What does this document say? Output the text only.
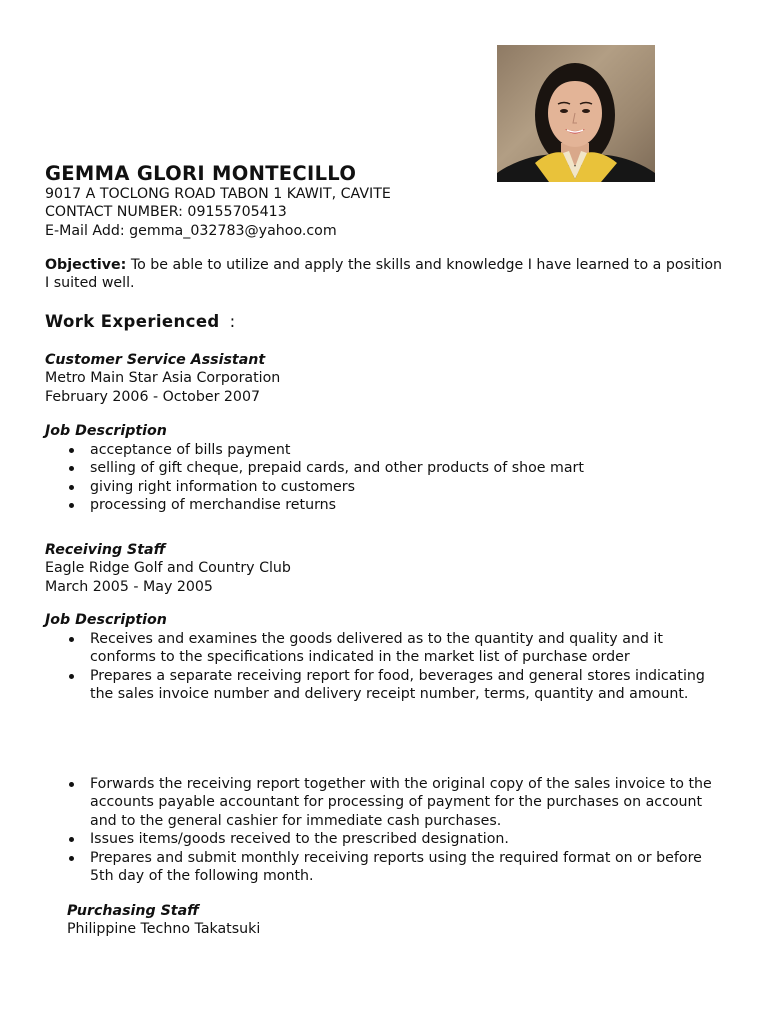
GEMMA GLORI MONTECILLO
9017 A TOCLONG ROAD TABON 1 KAWIT, CAVITE
CONTACT NUMBER: 09155705413
E-Mail Add: gemma_032783@yahoo.com
Objective: To be able to utilize and apply the skills and knowledge I have learned to a position I suited well.
Work Experienced :
Customer Service Assistant
Metro Main Star Asia Corporation
February 2006 - October 2007
Job Description
acceptance of bills payment
selling of gift cheque, prepaid cards, and other products of shoe mart
giving right information to customers
processing of merchandise returns
Receiving Staff
Eagle Ridge Golf and Country Club
March 2005 - May 2005
Job Description
Receives and examines the goods delivered as to the quantity and quality and it conforms to the specifications indicated in the market list of purchase order
Prepares a separate receiving report for food, beverages and general stores indicating the sales invoice number and delivery receipt number, terms, quantity and amount.
Forwards the receiving report together with the original copy of the sales invoice to the accounts payable accountant for processing of payment for the purchases on account and to the general cashier for immediate cash purchases.
Issues items/goods received to the prescribed designation.
Prepares and submit monthly receiving reports using the required format on or before 5th day of the following month.
Purchasing Staff
Philippine Techno Takatsuki
